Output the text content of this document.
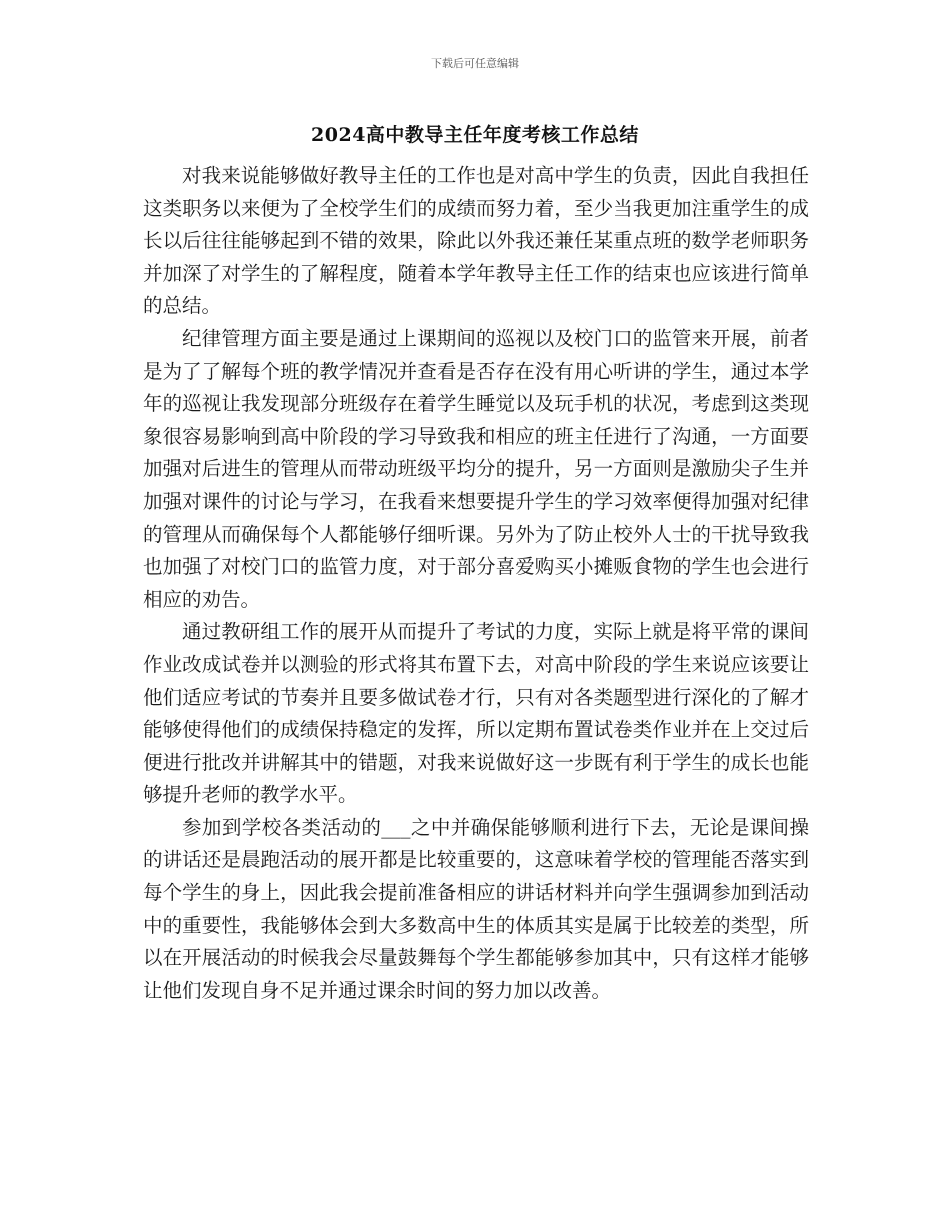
下载后可任意编辑
2024高中教导主任年度考核工作总结

对我来说能够做好教导主任的工作也是对高中学生的负责，因此自我担任这类职务以来便为了全校学生们的成绩而努力着，至少当我更加注重学生的成长以后往往能够起到不错的效果，除此以外我还兼任某重点班的数学老师职务并加深了对学生的了解程度，随着本学年教导主任工作的结束也应该进行简单的总结。

纪律管理方面主要是通过上课期间的巡视以及校门口的监管来开展，前者是为了了解每个班的教学情况并查看是否存在没有用心听讲的学生，通过本学年的巡视让我发现部分班级存在着学生睡觉以及玩手机的状况，考虑到这类现象很容易影响到高中阶段的学习导致我和相应的班主任进行了沟通，一方面要加强对后进生的管理从而带动班级平均分的提升，另一方面则是激励尖子生并加强对课件的讨论与学习，在我看来想要提升学生的学习效率便得加强对纪律的管理从而确保每个人都能够仔细听课。另外为了防止校外人士的干扰导致我也加强了对校门口的监管力度，对于部分喜爱购买小摊贩食物的学生也会进行相应的劝告。

通过教研组工作的展开从而提升了考试的力度，实际上就是将平常的课间作业改成试卷并以测验的形式将其布置下去，对高中阶段的学生来说应该要让他们适应考试的节奏并且要多做试卷才行，只有对各类题型进行深化的了解才能够使得他们的成绩保持稳定的发挥，所以定期布置试卷类作业并在上交过后便进行批改并讲解其中的错题，对我来说做好这一步既有利于学生的成长也能够提升老师的教学水平。

参加到学校各类活动的___之中并确保能够顺利进行下去，无论是课间操的讲话还是晨跑活动的展开都是比较重要的，这意味着学校的管理能否落实到每个学生的身上，因此我会提前准备相应的讲话材料并向学生强调参加到活动中的重要性，我能够体会到大多数高中生的体质其实是属于比较差的类型，所以在开展活动的时候我会尽量鼓舞每个学生都能够参加其中，只有这样才能够让他们发现自身不足并通过课余时间的努力加以改善。
